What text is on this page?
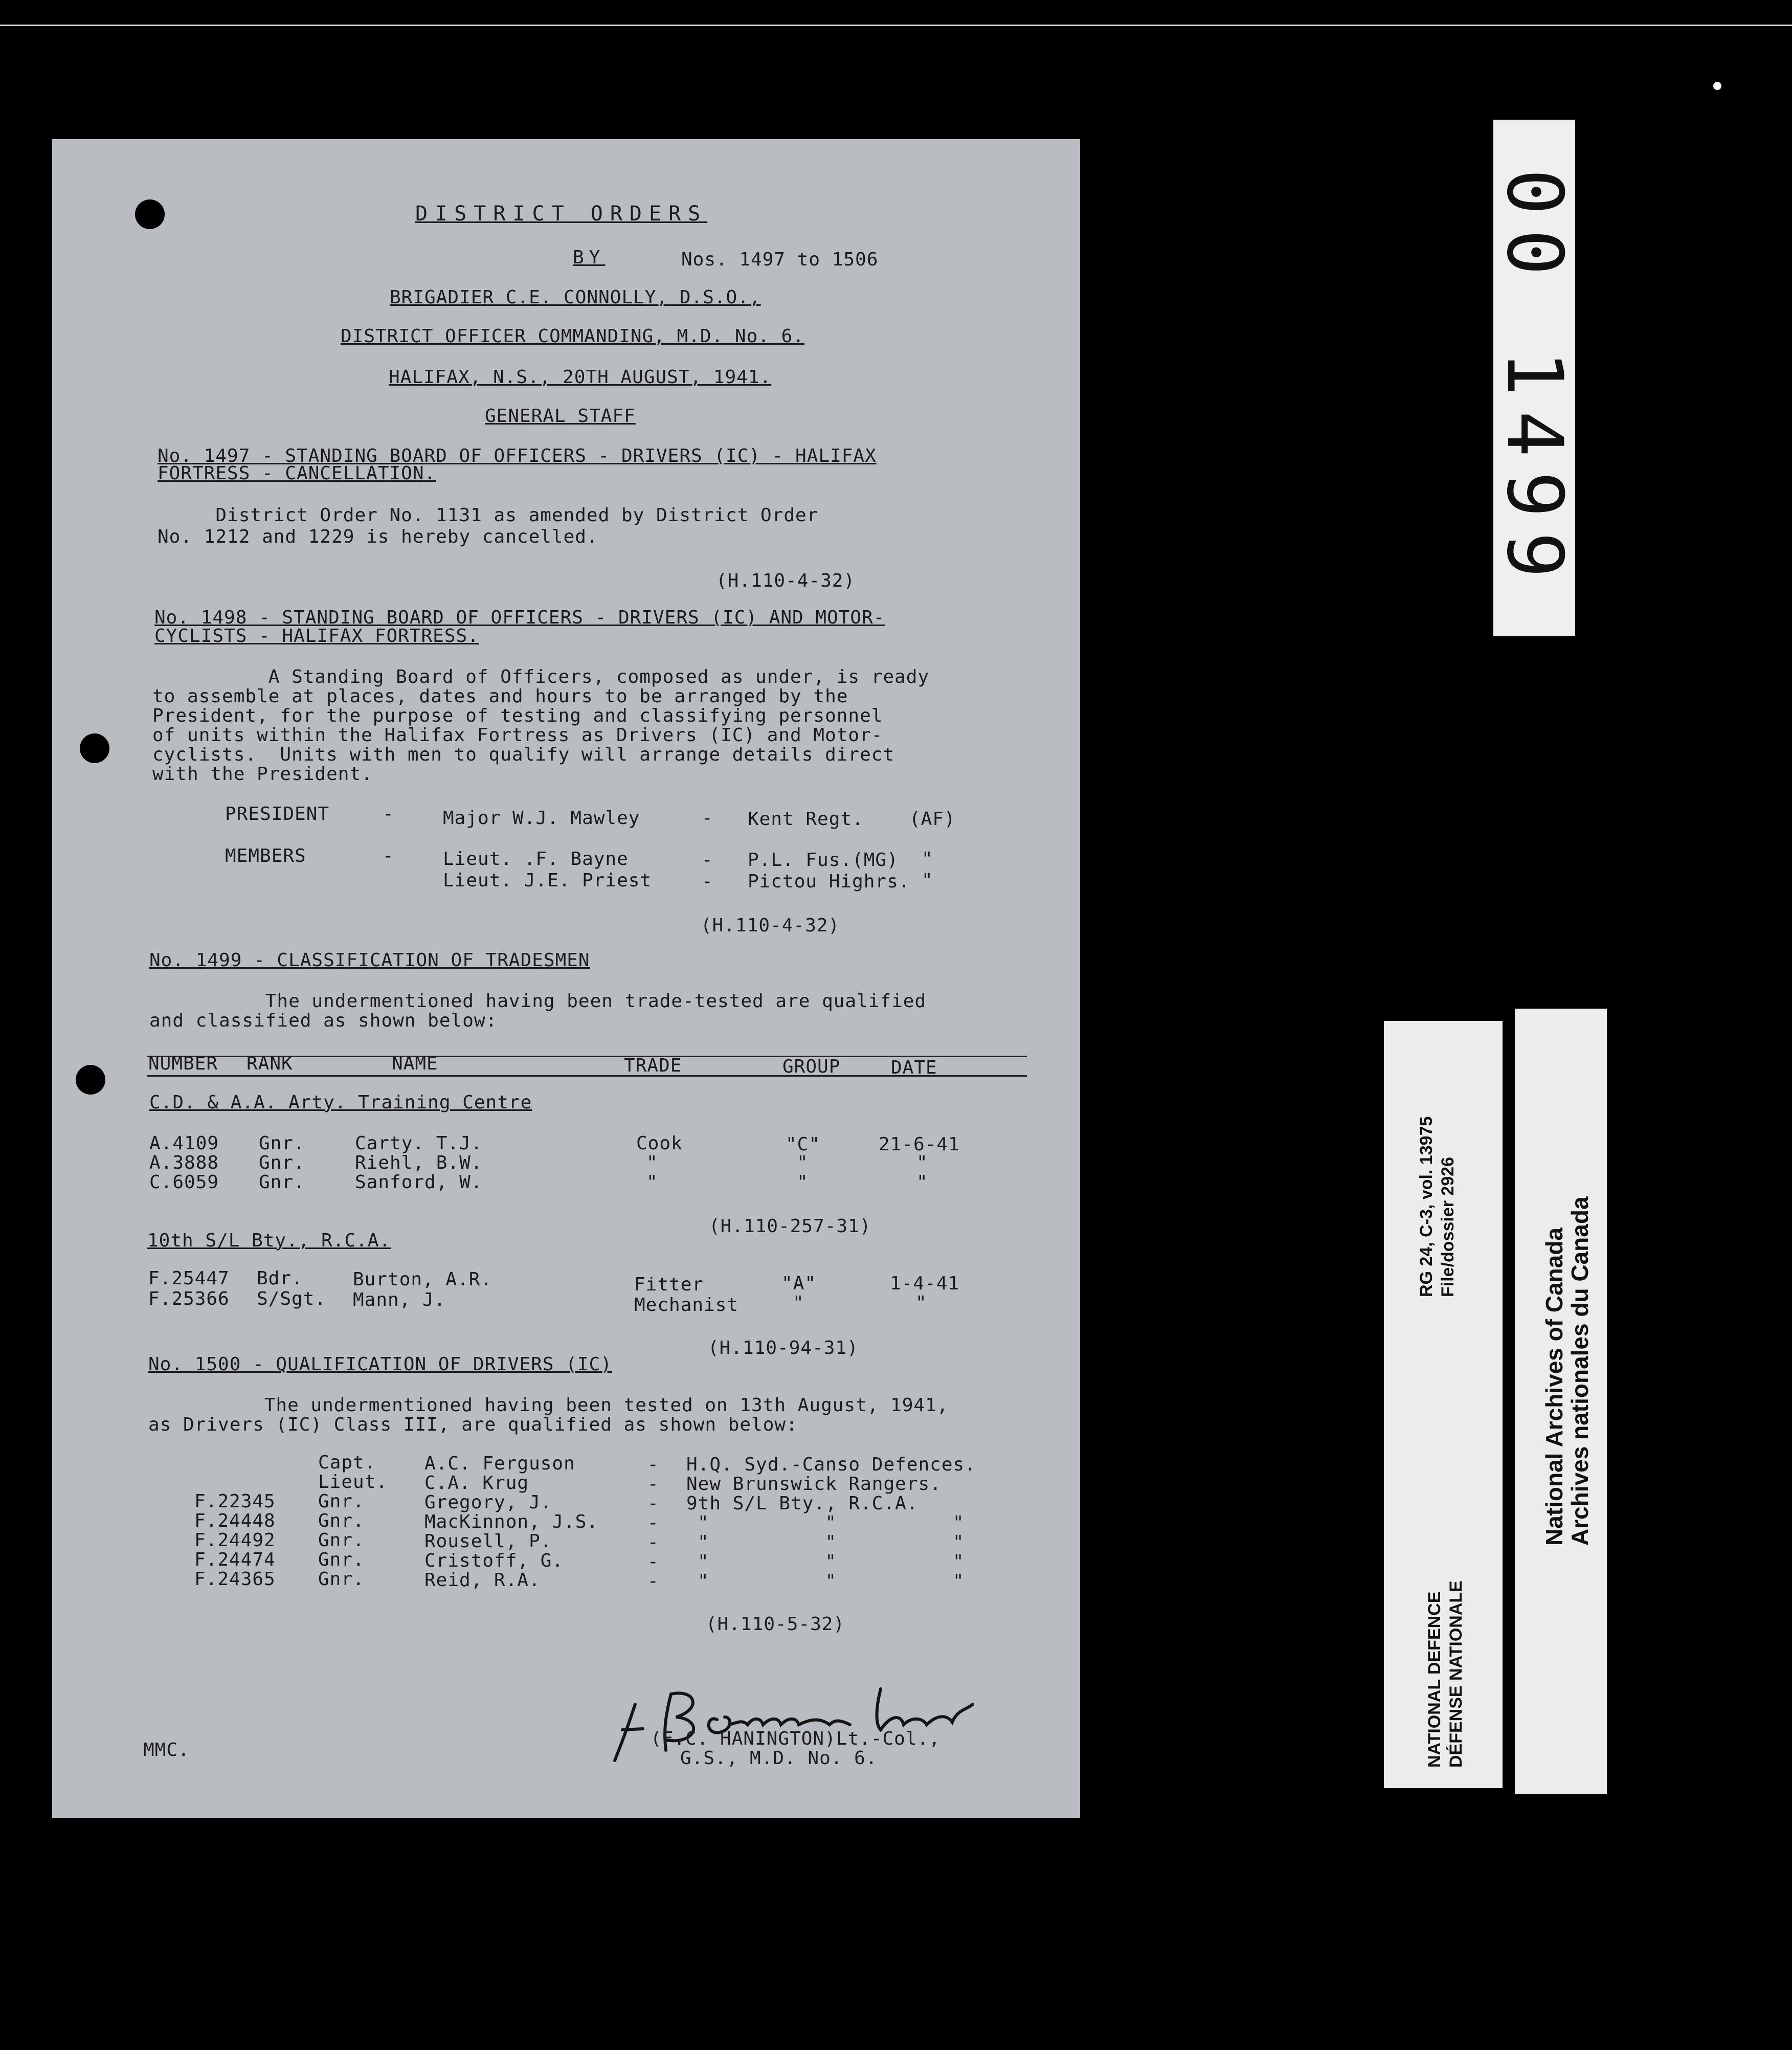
DISTRICT ORDERS
BY	Nos. 1497 to 1506
BRIGADIER C.E. CONNOLLY, D.S.O.,
DISTRICT OFFICER COMMANDING, M.D. No. 6.
HALIFAX, N.S., 20TH AUGUST, 1941.
GENERAL STAFF
No. 1497 - STANDING BOARD OF OFFICERS - DRIVERS (IC) - HALIFAX
FORTRESS - CANCELLATION.
District Order No. 1131 as amended by District Order
No. 1212 and 1229 is hereby cancelled.
(H.110-4-32)
No. 1498 - STANDING BOARD OF OFFICERS - DRIVERS (IC) AND MOTOR-
CYCLISTS - HALIFAX FORTRESS.
A Standing Board of Officers, composed as under, is ready
to assemble at places, dates and hours to be arranged by the
President, for the purpose of testing and classifying personnel
of units within the Halifax Fortress as Drivers (IC) and Motor-
cyclists.  Units with men to qualify will arrange details direct
with the President.
PRESIDENT	-	Major W.J. Mawley	- Kent Regt. (AF)
MEMBERS	-	Lieut. .F. Bayne	- P.L. Fus.(MG) "
Lieut. J.E. Priest	- Pictou Highrs. "
(H.110-4-32)
No. 1499 - CLASSIFICATION OF TRADESMEN
The undermentioned having been trade-tested are qualified
and classified as shown below:
NUMBER RANK	NAME	TRADE	GROUP	DATE
C.D. & A.A. Arty. Training Centre
A.4109 Gnr.	Carty. T.J.	Cook	"C"	21-6-41
A.3888 Gnr.	Riehl, B.W.	"	"	"
C.6059 Gnr.	Sanford, W.	"	"	"
(H.110-257-31)
10th S/L Bty., R.C.A.
F.25447 Bdr.	Burton, A.R.	Fitter	"A"	1-4-41
F.25366 S/Sgt. Mann, J.	Mechanist	"	"
(H.110-94-31)
No. 1500 - QUALIFICATION OF DRIVERS (IC)
The undermentioned having been tested on 13th August, 1941,
as Drivers (IC) Class III, are qualified as shown below:
Capt.	A.C. Ferguson	- H.Q. Syd.-Canso Defences.
Lieut. C.A. Krug	- New Brunswick Rangers.
F.22345 Gnr.	Gregory, J.	- 9th S/L Bty., R.C.A.
F.24448 Gnr.	MacKinnon, J.S.	- "          "          "
F.24492 Gnr.	Rousell, P.	- "          "          "
F.24474 Gnr.	Cristoff, G.	- "          "          "
F.24365 Gnr.	Reid, R.A.	- "          "          "
(H.110-5-32)
MMC.
(F.C. HANINGTON)Lt.-Col.,
G.S., M.D. No. 6.
00 1499
RG 24, C-3, vol. 13975 File/dossier 2926
NATIONAL DEFENCE DÉFENSE NATIONALE
National Archives of Canada
Archives nationales du Canada
